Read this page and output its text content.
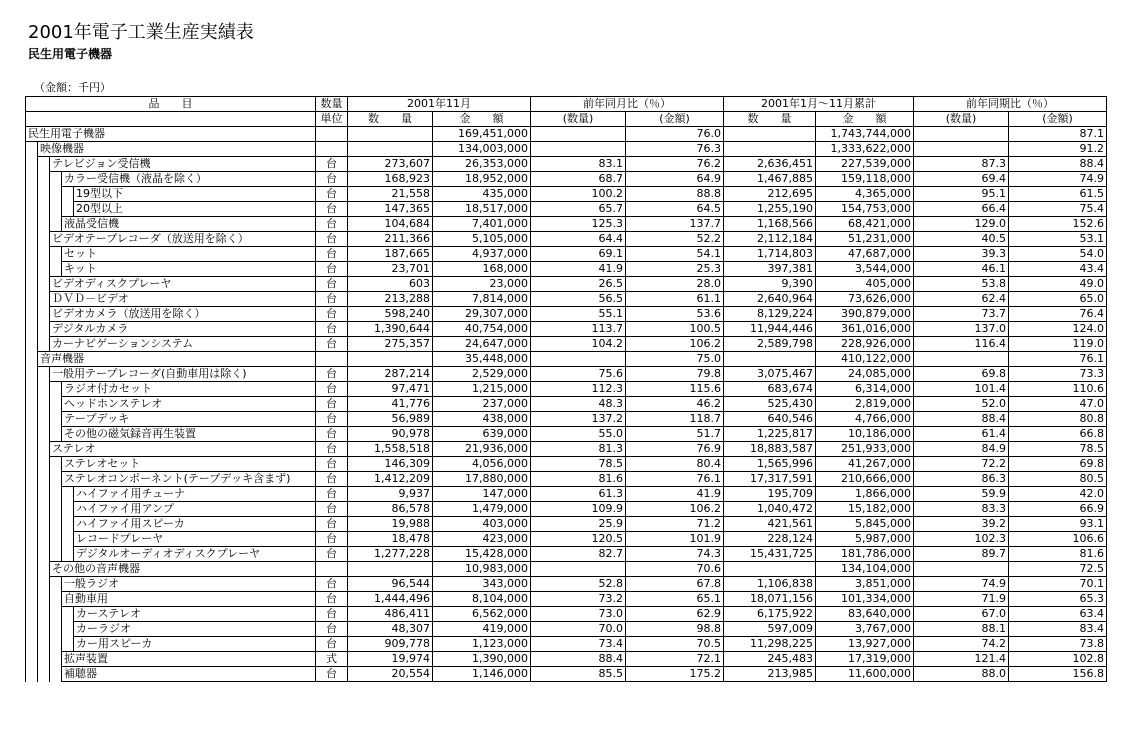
2001年電子工業生産実績表
民生用電子機器
（金額：千円）
品　　目					数量	2001年11月		前年同月比（％）		2001年1月～11月累計		前年同期比（％）	
					単位	数　　量	金　　額	(数量)	(金額)	数　　量	金　　額	(数量)	(金額)
民生用電子機器							169,451,000		76.0		1,743,744,000		87.1
	映像機器						134,003,000		76.3		1,333,622,000		91.2
		テレビジョン受信機			台	273,607	26,353,000	83.1	76.2	2,636,451	227,539,000	87.3	88.4
			カラー受信機（液晶を除く）		台	168,923	18,952,000	68.7	64.9	1,467,885	159,118,000	69.4	74.9
				19型以下	台	21,558	435,000	100.2	88.8	212,695	4,365,000	95.1	61.5
				20型以上	台	147,365	18,517,000	65.7	64.5	1,255,190	154,753,000	66.4	75.4
			液晶受信機		台	104,684	7,401,000	125.3	137.7	1,168,566	68,421,000	129.0	152.6
		ビデオテープレコーダ（放送用を除く）			台	211,366	5,105,000	64.4	52.2	2,112,184	51,231,000	40.5	53.1
			セット		台	187,665	4,937,000	69.1	54.1	1,714,803	47,687,000	39.3	54.0
			キット		台	23,701	168,000	41.9	25.3	397,381	3,544,000	46.1	43.4
		ビデオディスクプレーヤ			台	603	23,000	26.5	28.0	9,390	405,000	53.8	49.0
		ＤＶＤ－ビデオ			台	213,288	7,814,000	56.5	61.1	2,640,964	73,626,000	62.4	65.0
		ビデオカメラ（放送用を除く）			台	598,240	29,307,000	55.1	53.6	8,129,224	390,879,000	73.7	76.4
		デジタルカメラ			台	1,390,644	40,754,000	113.7	100.5	11,944,446	361,016,000	137.0	124.0
		カーナビゲーションシステム			台	275,357	24,647,000	104.2	106.2	2,589,798	228,926,000	116.4	119.0
	音声機器						35,448,000		75.0		410,122,000		76.1
		一般用テープレコーダ(自動車用は除く)			台	287,214	2,529,000	75.6	79.8	3,075,467	24,085,000	69.8	73.3
			ラジオ付カセット		台	97,471	1,215,000	112.3	115.6	683,674	6,314,000	101.4	110.6
			ヘッドホンステレオ		台	41,776	237,000	48.3	46.2	525,430	2,819,000	52.0	47.0
			テープデッキ		台	56,989	438,000	137.2	118.7	640,546	4,766,000	88.4	80.8
			その他の磁気録音再生装置		台	90,978	639,000	55.0	51.7	1,225,817	10,186,000	61.4	66.8
		ステレオ			台	1,558,518	21,936,000	81.3	76.9	18,883,587	251,933,000	84.9	78.5
			ステレオセット		台	146,309	4,056,000	78.5	80.4	1,565,996	41,267,000	72.2	69.8
			ステレオコンポーネント(テープデッキ含まず)		台	1,412,209	17,880,000	81.6	76.1	17,317,591	210,666,000	86.3	80.5
				ハイファイ用チューナ	台	9,937	147,000	61.3	41.9	195,709	1,866,000	59.9	42.0
				ハイファイ用アンプ	台	86,578	1,479,000	109.9	106.2	1,040,472	15,182,000	83.3	66.9
				ハイファイ用スピーカ	台	19,988	403,000	25.9	71.2	421,561	5,845,000	39.2	93.1
				レコードプレーヤ	台	18,478	423,000	120.5	101.9	228,124	5,987,000	102.3	106.6
				デジタルオーディオディスクプレーヤ	台	1,277,228	15,428,000	82.7	74.3	15,431,725	181,786,000	89.7	81.6
		その他の音声機器					10,983,000		70.6		134,104,000		72.5
			一般ラジオ		台	96,544	343,000	52.8	67.8	1,106,838	3,851,000	74.9	70.1
			自動車用		台	1,444,496	8,104,000	73.2	65.1	18,071,156	101,334,000	71.9	65.3
				カーステレオ	台	486,411	6,562,000	73.0	62.9	6,175,922	83,640,000	67.0	63.4
				カーラジオ	台	48,307	419,000	70.0	98.8	597,009	3,767,000	88.1	83.4
				カー用スピーカ	台	909,778	1,123,000	73.4	70.5	11,298,225	13,927,000	74.2	73.8
			拡声装置		式	19,974	1,390,000	88.4	72.1	245,483	17,319,000	121.4	102.8
			補聴器		台	20,554	1,146,000	85.5	175.2	213,985	11,600,000	88.0	156.8
